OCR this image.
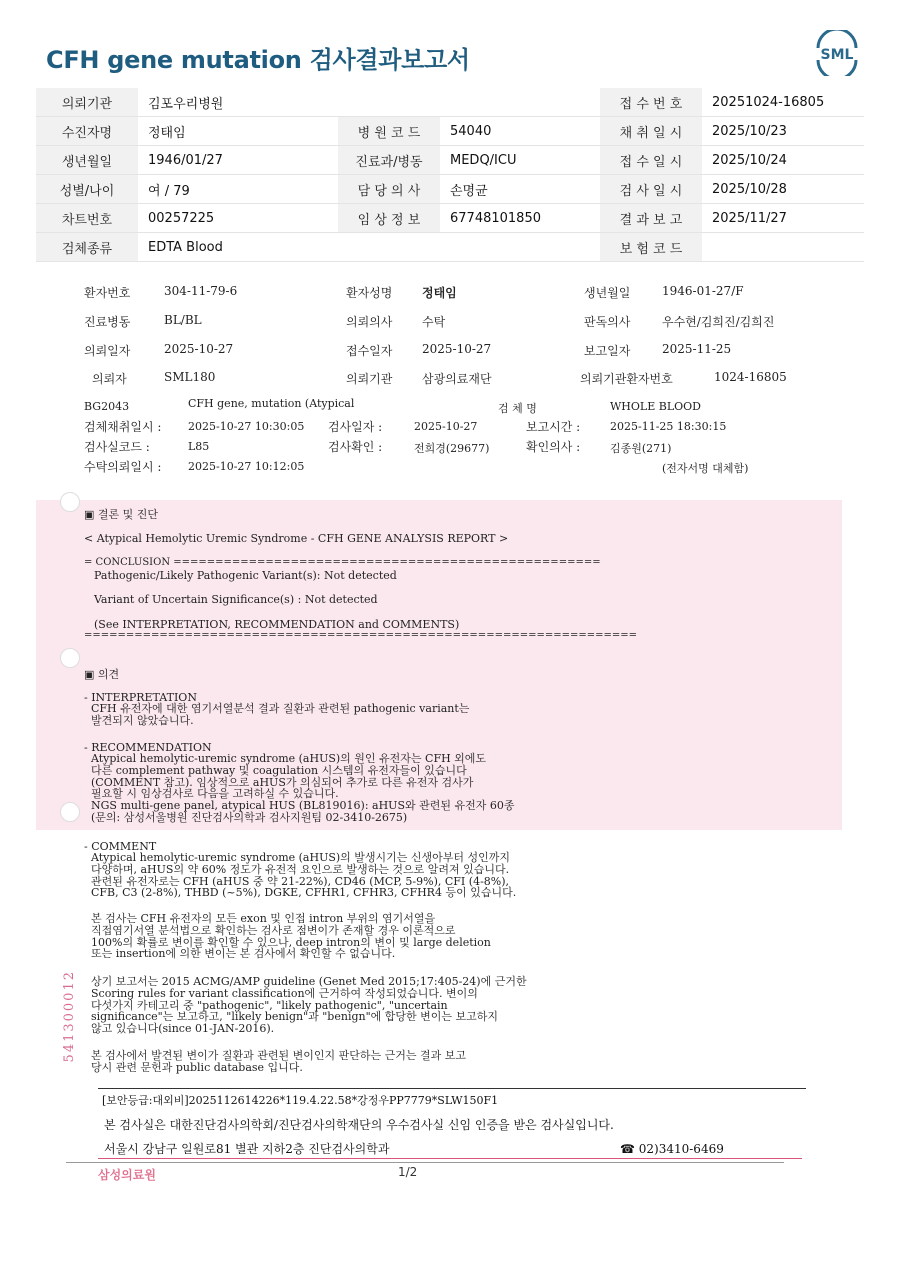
CFH gene mutation 검사결과보고서	SML
의뢰기관	김포우리병원			접 수 번 호	20251024-16805
수진자명	정태임	병 원 코 드	54040	채 취 일 시	2025/10/23
생년월일	1946/01/27	진료과/병동	MEDQ/ICU	접 수 일 시	2025/10/24
성별/나이	여 / 79	담 당 의 사	손명균	검 사 일 시	2025/10/28
차트번호	00257225	임 상 정 보	67748101850	결 과 보 고	2025/11/27
검체종류	EDTA Blood			보 험 코 드	
환자번호	304-11-79-6	환자성명 정태임	생년월일	1946-01-27/F
진료병동	BL/BL	의뢰의사 수탁	판독의사	우수현/김희진/김희진
의뢰일자	2025-10-27	접수일자 2025-10-27	보고일자	2025-11-25
의뢰자	SML180	의뢰기관 삼광의료재단	의뢰기관환자번호	1024-16805
BG2043	CFH gene, mutation (Atypical	검 체 명	WHOLE BLOOD
검체채취일시 : 2025-10-27 10:30:05 검사일자 :	2025-10-27	보고시간 :	2025-11-25 18:30:15
검사실코드 :	L85	검사확인 :	전희경(29677)	확인의사 :	김종원(271)
수탁의뢰일시 : 2025-10-27 10:12:05	(전자서명 대체함)
▣ 결론 및 진단
< Atypical Hemolytic Uremic Syndrome - CFH GENE ANALYSIS REPORT >
= CONCLUSION ===================================================
Pathogenic/Likely Pathogenic Variant(s): Not detected
Variant of Uncertain Significance(s) : Not detected
(See INTERPRETATION, RECOMMENDATION and COMMENTS)
==================================================================
▣ 의견
- INTERPRETATION
CFH 유전자에 대한 염기서열분석 결과 질환과 관련된 pathogenic variant는
발견되지 않았습니다.
- RECOMMENDATION
Atypical hemolytic-uremic syndrome (aHUS)의 원인 유전자는 CFH 외에도
다른 complement pathway 및 coagulation 시스템의 유전자들이 있습니다
(COMMENT 참고). 임상적으로 aHUS가 의심되어 추가로 다른 유전자 검사가
필요할 시 임상검사로 다음을 고려하실 수 있습니다.
NGS multi-gene panel, atypical HUS (BL819016): aHUS와 관련된 유전자 60종
(문의: 삼성서울병원 진단검사의학과 검사지원팀 02-3410-2675)
- COMMENT
Atypical hemolytic-uremic syndrome (aHUS)의 발생시기는 신생아부터 성인까지
다양하며, aHUS의 약 60% 정도가 유전적 요인으로 발생하는 것으로 알려져 있습니다.
관련된 유전자로는 CFH (aHUS 중 약 21-22%), CD46 (MCP, 5-9%), CFI (4-8%),
CFB, C3 (2-8%), THBD (~5%), DGKE, CFHR1, CFHR3, CFHR4 등이 있습니다.
본 검사는 CFH 유전자의 모든 exon 및 인접 intron 부위의 염기서열을
직접염기서열 분석법으로 확인하는 검사로 점변이가 존재할 경우 이론적으로
100%의 확률로 변이를 확인할 수 있으나, deep intron의 변이 및 large deletion
또는 insertion에 의한 변이는 본 검사에서 확인할 수 없습니다.
상기 보고서는 2015 ACMG/AMP guideline (Genet Med 2015;17:405-24)에 근거한
Scoring rules for variant classification에 근거하여 작성되었습니다. 변이의
다섯가지 카테고리 중 "pathogenic", "likely pathogenic", "uncertain
significance"는 보고하고, "likely benign"과 "benign"에 합당한 변이는 보고하지
않고 있습니다(since 01-JAN-2016).
본 검사에서 발견된 변이가 질환과 관련된 변이인지 판단하는 근거는 결과 보고
당시 관련 문헌과 public database 입니다.
541300012
[보안등급:대외비]2025112614226*119.4.22.58*강정우PP7779*SLW150F1
본 검사실은 대한진단검사의학회/진단검사의학재단의 우수검사실 신임 인증을 받은 검사실입니다.
서울시 강남구 일원로81 별관 지하2층 진단검사의학과	☎ 02)3410-6469
삼성의료원	1/2
